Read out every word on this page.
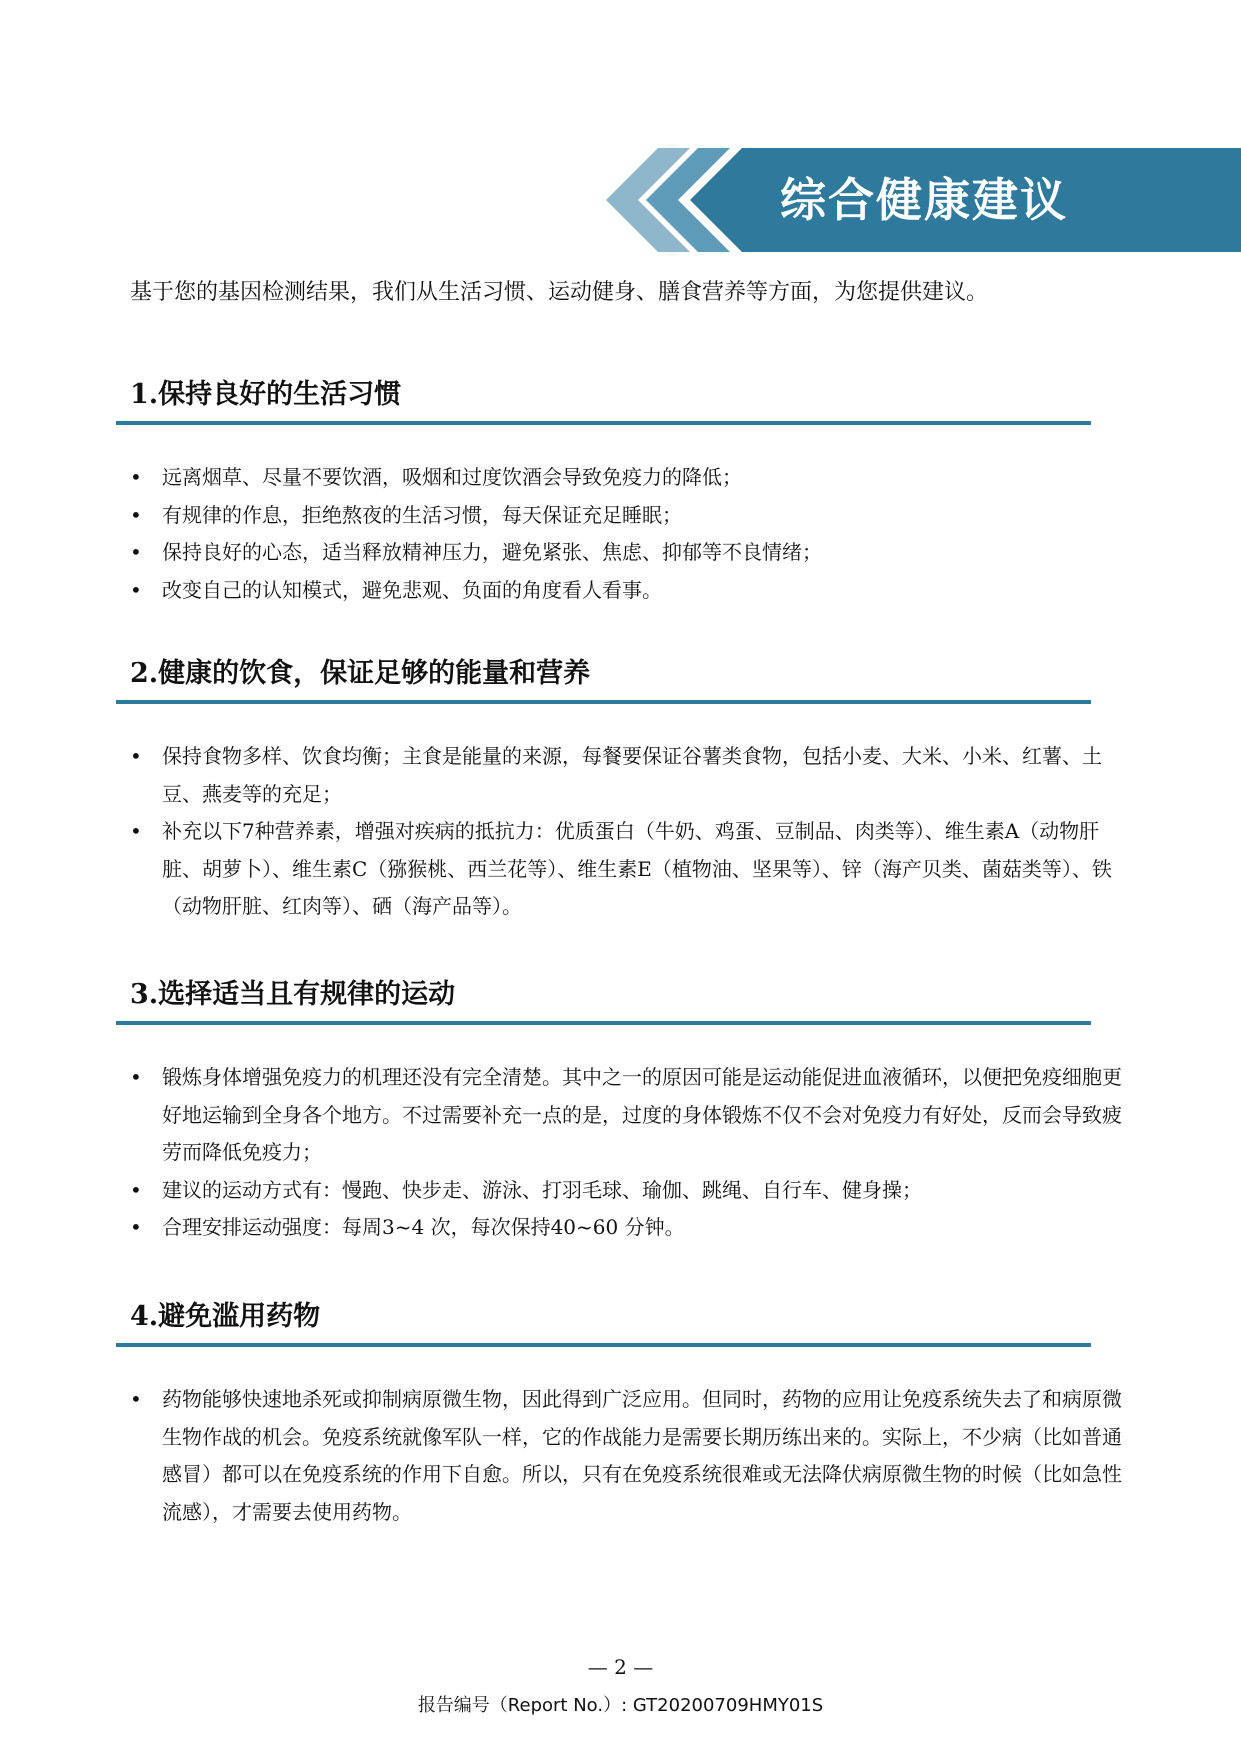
综合健康建议
基于您的基因检测结果，我们从生活习惯、运动健身、膳食营养等方面，为您提供建议。
1.保持良好的生活习惯
•	远离烟草、尽量不要饮酒，吸烟和过度饮酒会导致免疫力的降低；
•	有规律的作息，拒绝熬夜的生活习惯，每天保证充足睡眠；
•	保持良好的心态，适当释放精神压力，避免紧张、焦虑、抑郁等不良情绪；
•	改变自己的认知模式，避免悲观、负面的角度看人看事。
2.健康的饮食，保证足够的能量和营养
•	保持食物多样、饮食均衡；主食是能量的来源，每餐要保证谷薯类食物，包括小麦、大米、小米、红薯、土豆、燕麦等的充足；
•	补充以下7种营养素，增强对疾病的抵抗力：优质蛋白（牛奶、鸡蛋、豆制品、肉类等）、维生素A（动物肝脏、胡萝卜）、维生素C（猕猴桃、西兰花等）、维生素E（植物油、坚果等）、锌（海产贝类、菌菇类等）、铁（动物肝脏、红肉等）、硒（海产品等）。
3.选择适当且有规律的运动
•	锻炼身体增强免疫力的机理还没有完全清楚。其中之一的原因可能是运动能促进血液循环，以便把免疫细胞更好地运输到全身各个地方。不过需要补充一点的是，过度的身体锻炼不仅不会对免疫力有好处，反而会导致疲劳而降低免疫力；
•	建议的运动方式有：慢跑、快步走、游泳、打羽毛球、瑜伽、跳绳、自行车、健身操；
•	合理安排运动强度：每周3~4 次，每次保持40~60 分钟。
4.避免滥用药物
•	药物能够快速地杀死或抑制病原微生物，因此得到广泛应用。但同时，药物的应用让免疫系统失去了和病原微生物作战的机会。免疫系统就像军队一样，它的作战能力是需要长期历练出来的。实际上，不少病（比如普通感冒）都可以在免疫系统的作用下自愈。所以，只有在免疫系统很难或无法降伏病原微生物的时候（比如急性流感），才需要去使用药物。
— 2 —
报告编号（Report No.）: GT20200709HMY01S
